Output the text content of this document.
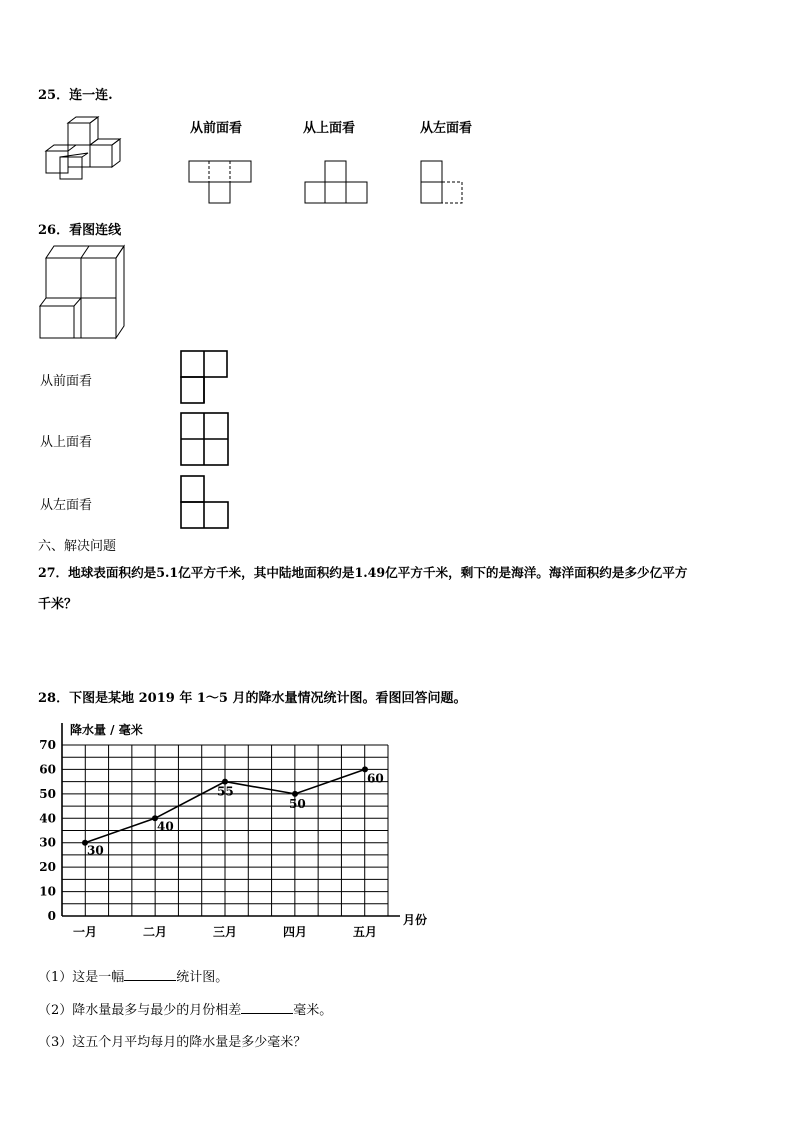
25．连一连.
从前面看	从上面看	从左面看
26．看图连线
从前面看
从上面看
从左面看
六、解决问题
27．地球表面积约是5.1亿平方千米，其中陆地面积约是1.49亿平方千米，剩下的是海洋。海洋面积约是多少亿平方
千米？
28．下图是某地 2019 年 1～5 月的降水量情况统计图。看图回答问题。
0
10
20
30
40
50
60
70
一月	二月	三月	四月	五月
降水量 / 毫米
月份
30
40
55
50
60
（1）这是一幅	统计图。
（2）降水量最多与最少的月份相差	毫米。
（3）这五个月平均每月的降水量是多少毫米？
